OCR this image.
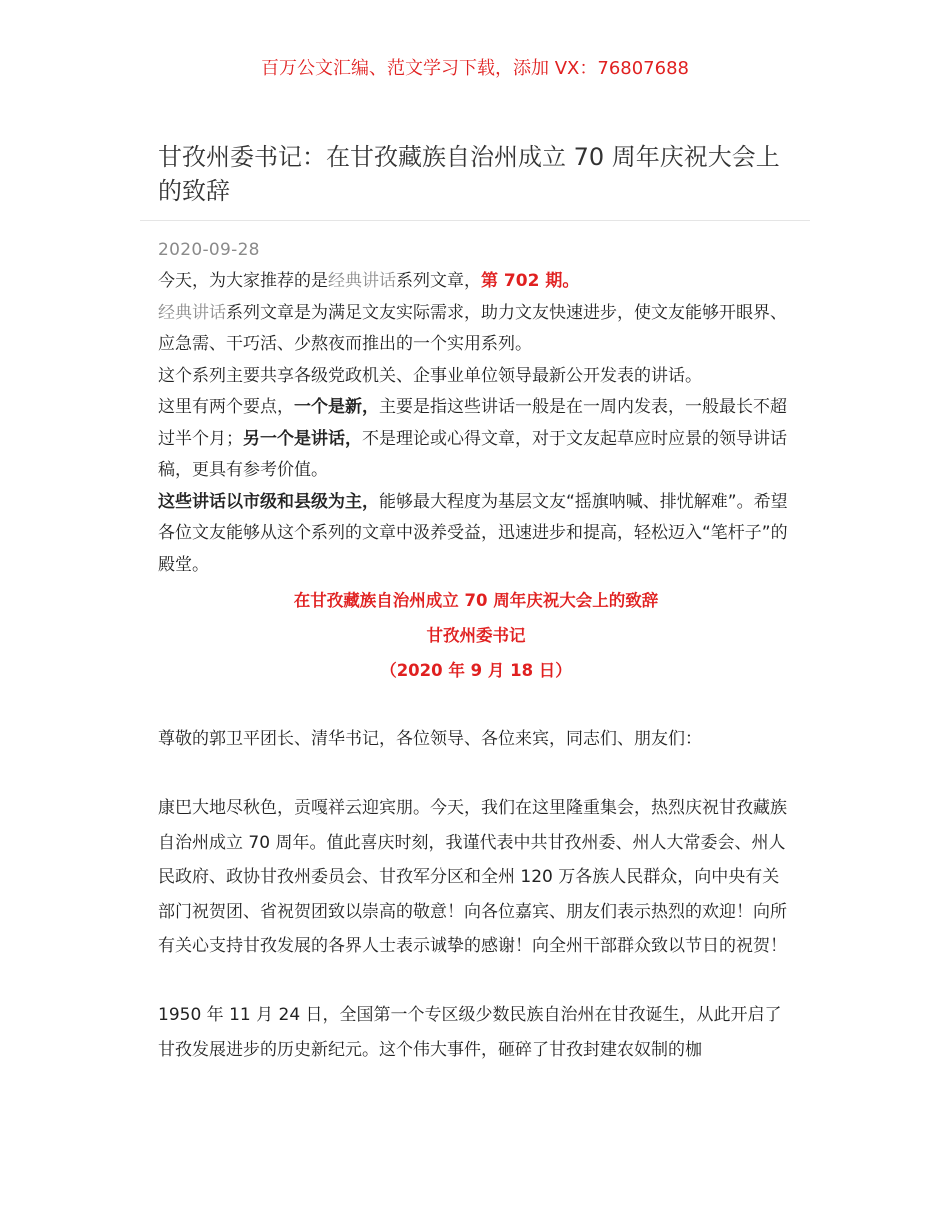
百万公文汇编、范文学习下载，添加 VX：76807688
甘孜州委书记：在甘孜藏族自治州成立 70 周年庆祝大会上的致辞
2020-09-28

今天，为大家推荐的是经典讲话系列文章，第 702 期。

经典讲话系列文章是为满足文友实际需求，助力文友快速进步，使文友能够开眼界、应急需、干巧活、少熬夜而推出的一个实用系列。

这个系列主要共享各级党政机关、企事业单位领导最新公开发表的讲话。

这里有两个要点，一个是新，主要是指这些讲话一般是在一周内发表，一般最长不超过半个月；另一个是讲话，不是理论或心得文章，对于文友起草应时应景的领导讲话稿，更具有参考价值。

这些讲话以市级和县级为主，能够最大程度为基层文友“摇旗呐喊、排忧解难”。希望各位文友能够从这个系列的文章中汲养受益，迅速进步和提高，轻松迈入“笔杆子”的殿堂。

在甘孜藏族自治州成立 70 周年庆祝大会上的致辞

甘孜州委书记

（2020 年 9 月 18 日）

尊敬的郭卫平团长、清华书记，各位领导、各位来宾，同志们、朋友们：

康巴大地尽秋色，贡嘎祥云迎宾朋。今天，我们在这里隆重集会，热烈庆祝甘孜藏族自治州成立 70 周年。值此喜庆时刻，我谨代表中共甘孜州委、州人大常委会、州人民政府、政协甘孜州委员会、甘孜军分区和全州 120 万各族人民群众，向中央有关部门祝贺团、省祝贺团致以崇高的敬意！向各位嘉宾、朋友们表示热烈的欢迎！向所有关心支持甘孜发展的各界人士表示诚挚的感谢！向全州干部群众致以节日的祝贺！

1950 年 11 月 24 日，全国第一个专区级少数民族自治州在甘孜诞生，从此开启了甘孜发展进步的历史新纪元。这个伟大事件，砸碎了甘孜封建农奴制的枷
